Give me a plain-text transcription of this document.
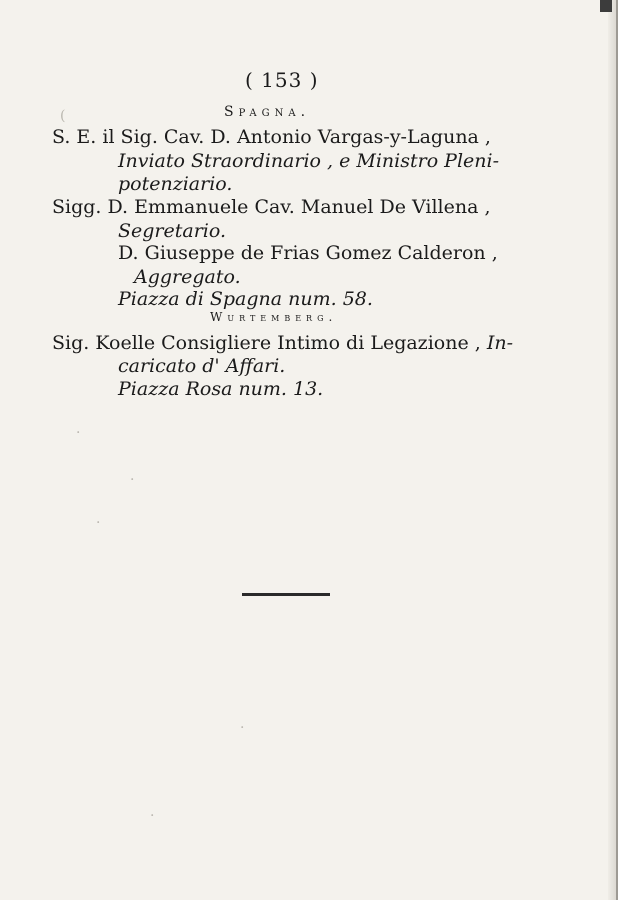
( 153 )
Spagna.
S. E. il Sig. Cav. D. Antonio Vargas-y-Laguna ,
Inviato Straordinario , e Ministro Pleni-
potenziario.
Sigg. D. Emmanuele Cav. Manuel De Villena ,
Segretario.
D. Giuseppe de Frias Gomez Calderon ,
Aggregato.
Piazza di Spagna num. 58.
Wurtemberg.
Sig. Koelle Consigliere Intimo di Legazione , In-
caricato d' Affari.
Piazza Rosa num. 13.
·
·
·
·
·
(
